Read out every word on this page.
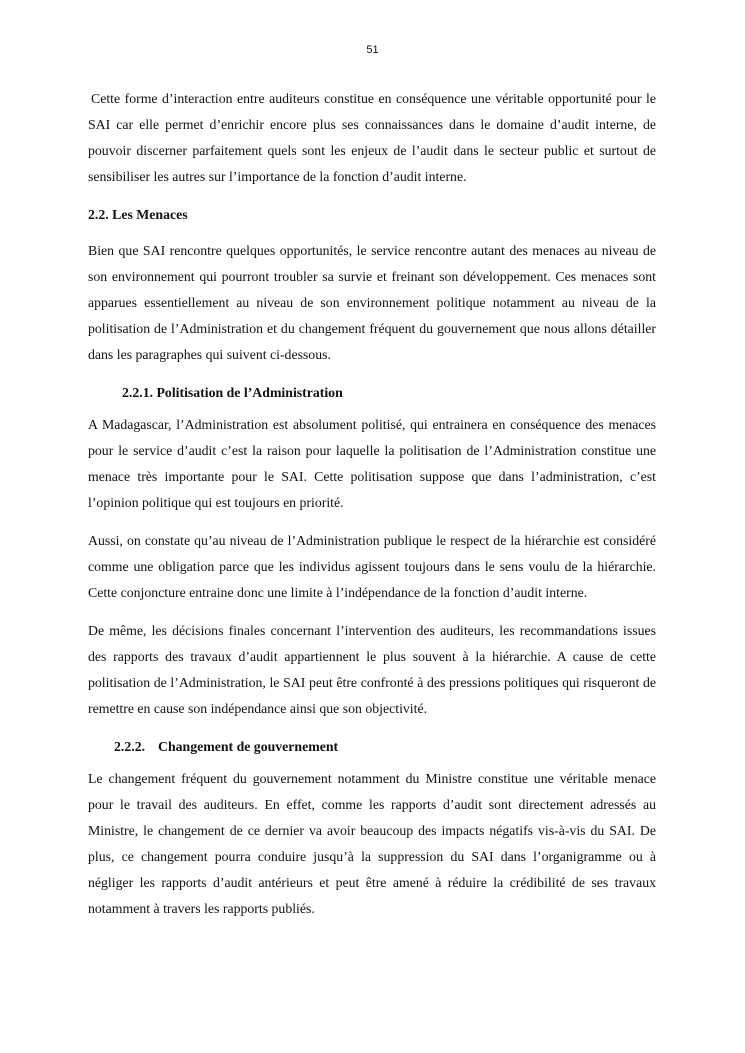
51

Cette forme d’interaction entre auditeurs constitue en conséquence une véritable opportunité pour le SAI car elle permet d’enrichir encore plus ses connaissances dans le domaine d’audit interne, de pouvoir discerner parfaitement quels sont les enjeux de l’audit dans le secteur public et surtout de sensibiliser les autres sur l’importance de la fonction d’audit interne.

2.2. Les Menaces

Bien que SAI rencontre quelques opportunités, le service rencontre autant des menaces au niveau de son environnement qui pourront troubler sa survie et freinant son développement. Ces menaces sont apparues essentiellement au niveau de son environnement politique notamment au niveau de la politisation de l’Administration et du changement fréquent du gouvernement que nous allons détailler dans les paragraphes qui suivent ci-dessous.

2.2.1. Politisation de l’Administration

A Madagascar, l’Administration est absolument politisé, qui entrainera en conséquence des menaces pour le service d’audit c’est la raison pour laquelle la politisation de l’Administration constitue une menace très importante pour le SAI. Cette politisation suppose que dans l’administration, c’est l’opinion politique qui est toujours en priorité.

Aussi, on constate qu’au niveau de l’Administration publique le respect de la hiérarchie est considéré comme une obligation parce que les individus agissent toujours dans le sens voulu de la hiérarchie. Cette conjoncture entraine donc une limite à l’indépendance de la fonction d’audit interne.

De même, les décisions finales concernant l’intervention des auditeurs, les recommandations issues des rapports des travaux d’audit appartiennent le plus souvent à la hiérarchie. A cause de cette politisation de l’Administration, le SAI peut être confronté à des pressions politiques qui risqueront de remettre en cause son indépendance ainsi que son objectivité.

2.2.2. Changement de gouvernement

Le changement fréquent du gouvernement notamment du Ministre constitue une véritable menace pour le travail des auditeurs. En effet, comme les rapports d’audit sont directement adressés au Ministre, le changement de ce dernier va avoir beaucoup des impacts négatifs vis-à-vis du SAI. De plus, ce changement pourra conduire jusqu’à la suppression du SAI dans l’organigramme ou à négliger les rapports d’audit antérieurs et peut être amené à réduire la crédibilité de ses travaux notamment à travers les rapports publiés.
